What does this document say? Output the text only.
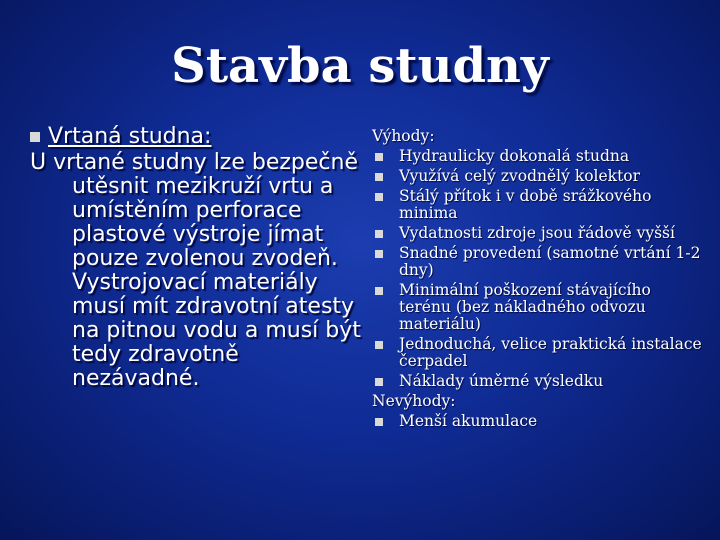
Stavba studny
Vrtaná studna:

U vrtané studny lze bezpečně utěsnit mezikruží vrtu a umístěním perforace plastové výstroje jímat pouze zvolenou zvodeň. Vystrojovací materiály musí mít zdravotní atesty na pitnou vodu a musí být tedy zdravotně nezávadné.

Výhody:
Hydraulicky dokonalá studna
Využívá celý zvodnělý kolektor
Stálý přítok i v době srážkového minima
Vydatnosti zdroje jsou řádově vyšší
Snadné provedení (samotné vrtání 1-2 dny)
Minimální poškození stávajícího terénu (bez nákladného odvozu materiálu)
Jednoduchá, velice praktická instalace čerpadel
Náklady úměrné výsledku
Nevýhody:
Menší akumulace
